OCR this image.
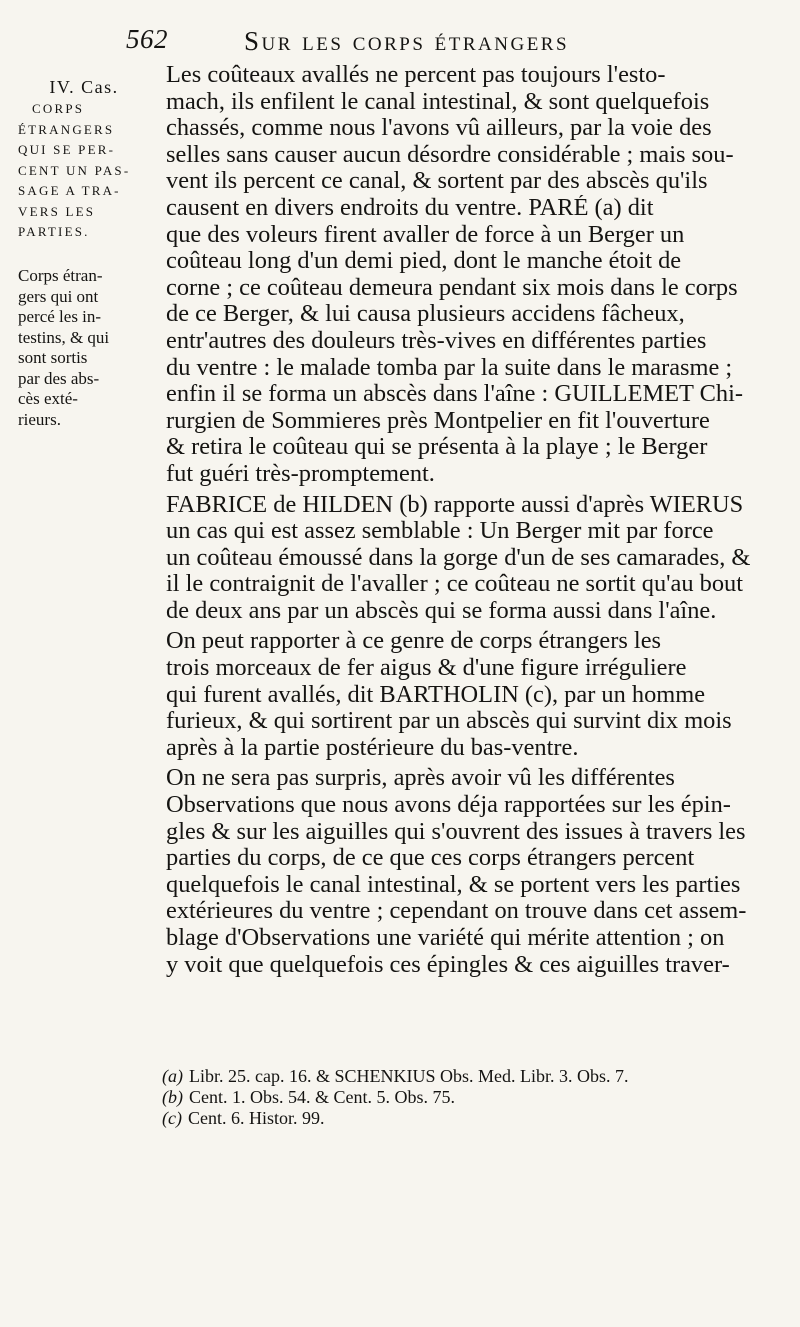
562	Sur les corps étrangers
IV. Cas.
CORPS
ÉTRANGERS
QUI SE PER-
CENT UN PAS-
SAGE A TRA-
VERS LES
PARTIES.
Corps étran-
gers qui ont
percé les in-
testins, & qui
sont sortis
par des abs-
cès exté-
rieurs.

Les coûteaux avallés ne percent pas toujours l'esto-
mach, ils enfilent le canal intestinal, & sont quelquefois
chassés, comme nous l'avons vû ailleurs, par la voie des
selles sans causer aucun désordre considérable ; mais sou-
vent ils percent ce canal, & sortent par des abscès qu'ils
causent en divers endroits du ventre. PARÉ (a) dit
que des voleurs firent avaller de force à un Berger un
coûteau long d'un demi pied, dont le manche étoit de
corne ; ce coûteau demeura pendant six mois dans le corps
de ce Berger, & lui causa plusieurs accidens fâcheux,
entr'autres des douleurs très-vives en différentes parties
du ventre : le malade tomba par la suite dans le marasme ;
enfin il se forma un abscès dans l'aîne : GUILLEMET Chi-
rurgien de Sommieres près Montpelier en fit l'ouverture
& retira le coûteau qui se présenta à la playe ; le Berger
fut guéri très-promptement.

FABRICE de HILDEN (b) rapporte aussi d'après WIERUS
un cas qui est assez semblable : Un Berger mit par force
un coûteau émoussé dans la gorge d'un de ses camarades, &
il le contraignit de l'avaller ; ce coûteau ne sortit qu'au bout
de deux ans par un abscès qui se forma aussi dans l'aîne.

On peut rapporter à ce genre de corps étrangers les
trois morceaux de fer aigus & d'une figure irréguliere
qui furent avallés, dit BARTHOLIN (c), par un homme
furieux, & qui sortirent par un abscès qui survint dix mois
après à la partie postérieure du bas-ventre.

On ne sera pas surpris, après avoir vû les différentes
Observations que nous avons déja rapportées sur les épin-
gles & sur les aiguilles qui s'ouvrent des issues à travers les
parties du corps, de ce que ces corps étrangers percent
quelquefois le canal intestinal, & se portent vers les parties
extérieures du ventre ; cependant on trouve dans cet assem-
blage d'Observations une variété qui mérite attention ; on
y voit que quelquefois ces épingles & ces aiguilles traver-

(a) Libr. 25. cap. 16. & SCHENKIUS Obs. Med. Libr. 3. Obs. 7.
(b) Cent. 1. Obs. 54. & Cent. 5. Obs. 75.
(c) Cent. 6. Histor. 99.
